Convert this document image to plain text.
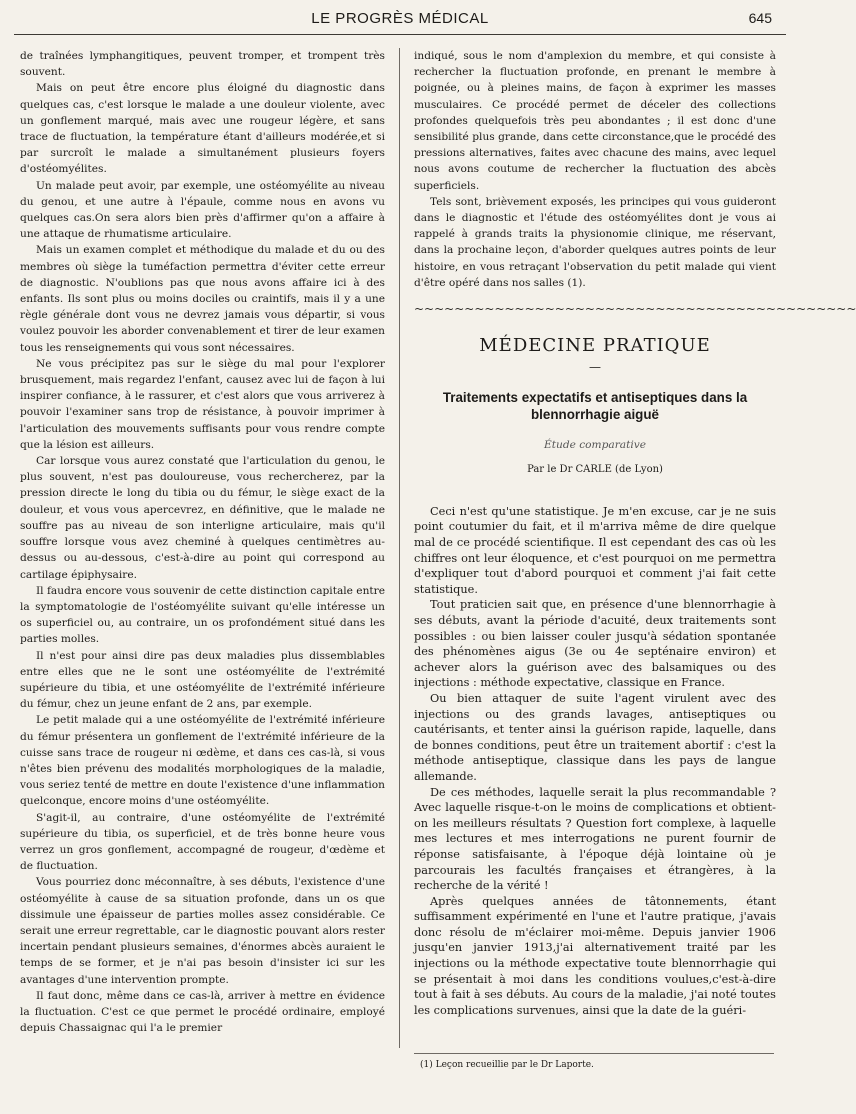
LE PROGRÈS MÉDICAL	645

de traînées lymphangitiques, peuvent tromper, et trompent très souvent.

Mais on peut être encore plus éloigné du diagnostic dans quelques cas, c'est lorsque le malade a une douleur violente, avec un gonflement marqué, mais avec une rougeur légère, et sans trace de fluctuation, la température étant d'ailleurs modérée,et si par surcroît le malade a simultanément plusieurs foyers d'ostéomyélites.

Un malade peut avoir, par exemple, une ostéomyélite au niveau du genou, et une autre à l'épaule, comme nous en avons vu quelques cas.On sera alors bien près d'affirmer qu'on a affaire à une attaque de rhumatisme articulaire.

Mais un examen complet et méthodique du malade et du ou des membres où siège la tuméfaction permettra d'éviter cette erreur de diagnostic. N'oublions pas que nous avons affaire ici à des enfants. Ils sont plus ou moins dociles ou craintifs, mais il y a une règle générale dont vous ne devrez jamais vous départir, si vous voulez pouvoir les aborder convenablement et tirer de leur examen tous les renseignements qui vous sont nécessaires.

Ne vous précipitez pas sur le siège du mal pour l'explorer brusquement, mais regardez l'enfant, causez avec lui de façon à lui inspirer confiance, à le rassurer, et c'est alors que vous arriverez à pouvoir l'examiner sans trop de résistance, à pouvoir imprimer à l'articulation des mouvements suffisants pour vous rendre compte que la lésion est ailleurs.

Car lorsque vous aurez constaté que l'articulation du genou, le plus souvent, n'est pas douloureuse, vous rechercherez, par la pression directe le long du tibia ou du fémur, le siège exact de la douleur, et vous vous apercevrez, en définitive, que le malade ne souffre pas au niveau de son interligne articulaire, mais qu'il souffre lorsque vous avez cheminé à quelques centimètres au-dessus ou au-dessous, c'est-à-dire au point qui correspond au cartilage épiphysaire.

Il faudra encore vous souvenir de cette distinction capitale entre la symptomatologie de l'ostéomyélite suivant qu'elle intéresse un os superficiel ou, au contraire, un os profondément situé dans les parties molles.

Il n'est pour ainsi dire pas deux maladies plus dissemblables entre elles que ne le sont une ostéomyélite de l'extrémité supérieure du tibia, et une ostéomyélite de l'extrémité inférieure du fémur, chez un jeune enfant de 2 ans, par exemple.

Le petit malade qui a une ostéomyélite de l'extrémité inférieure du fémur présentera un gonflement de l'extrémité inférieure de la cuisse sans trace de rougeur ni œdème, et dans ces cas-là, si vous n'êtes bien prévenu des modalités morphologiques de la maladie, vous seriez tenté de mettre en doute l'existence d'une inflammation quelconque, encore moins d'une ostéomyélite.

S'agit-il, au contraire, d'une ostéomyélite de l'extrémité supérieure du tibia, os superficiel, et de très bonne heure vous verrez un gros gonflement, accompagné de rougeur, d'œdème et de fluctuation.

Vous pourriez donc méconnaître, à ses débuts, l'existence d'une ostéomyélite à cause de sa situation profonde, dans un os que dissimule une épaisseur de parties molles assez considérable. Ce serait une erreur regrettable, car le diagnostic pouvant alors rester incertain pendant plusieurs semaines, d'énormes abcès auraient le temps de se former, et je n'ai pas besoin d'insister ici sur les avantages d'une intervention prompte.

Il faut donc, même dans ce cas-là, arriver à mettre en évidence la fluctuation. C'est ce que permet le procédé ordinaire, employé depuis Chassaignac qui l'a le premier

indiqué, sous le nom d'amplexion du membre, et qui consiste à rechercher la fluctuation profonde, en prenant le membre à poignée, ou à pleines mains, de façon à exprimer les masses musculaires. Ce procédé permet de déceler des collections profondes quelquefois très peu abondantes ; il est donc d'une sensibilité plus grande, dans cette circonstance,que le procédé des pressions alternatives, faites avec chacune des mains, avec lequel nous avons coutume de rechercher la fluctuation des abcès superficiels.

Tels sont, brièvement exposés, les principes qui vous guideront dans le diagnostic et l'étude des ostéomyélites dont je vous ai rappelé à grands traits la physionomie clinique, me réservant, dans la prochaine leçon, d'aborder quelques autres points de leur histoire, en vous retraçant l'observation du petit malade qui vient d'être opéré dans nos salles (1).

~~~~~~~~~~~~~~~~~~~~~~~~~~~~~~~~~~~~~~~~~~~~
MÉDECINE PRATIQUE
—
Traitements expectatifs et antiseptiques dans la blennorrhagie aiguë
Étude comparative
Par le Dr CARLE (de Lyon)

Ceci n'est qu'une statistique. Je m'en excuse, car je ne suis point coutumier du fait, et il m'arriva même de dire quelque mal de ce procédé scientifique. Il est cependant des cas où les chiffres ont leur éloquence, et c'est pourquoi on me permettra d'expliquer tout d'abord pourquoi et comment j'ai fait cette statistique.

Tout praticien sait que, en présence d'une blennorrhagie à ses débuts, avant la période d'acuité, deux traitements sont possibles : ou bien laisser couler jusqu'à sédation spontanée des phénomènes aigus (3e ou 4e septénaire environ) et achever alors la guérison avec des balsamiques ou des injections : méthode expectative, classique en France.

Ou bien attaquer de suite l'agent virulent avec des injections ou des grands lavages, antiseptiques ou cautérisants, et tenter ainsi la guérison rapide, laquelle, dans de bonnes conditions, peut être un traitement abortif : c'est la méthode antiseptique, classique dans les pays de langue allemande.

De ces méthodes, laquelle serait la plus recommandable ? Avec laquelle risque-t-on le moins de complications et obtient-on les meilleurs résultats ? Question fort complexe, à laquelle mes lectures et mes interrogations ne purent fournir de réponse satisfaisante, à l'époque déjà lointaine où je parcourais les facultés françaises et étrangères, à la recherche de la vérité !

Après quelques années de tâtonnements, étant suffisamment expérimenté en l'une et l'autre pratique, j'avais donc résolu de m'éclairer moi-même. Depuis janvier 1906 jusqu'en janvier 1913,j'ai alternativement traité par les injections ou la méthode expectative toute blennorrhagie qui se présentait à moi dans les conditions voulues,c'est-à-dire tout à fait à ses débuts. Au cours de la maladie, j'ai noté toutes les complications survenues, ainsi que la date de la guéri-

(1) Leçon recueillie par le Dr Laporte.
